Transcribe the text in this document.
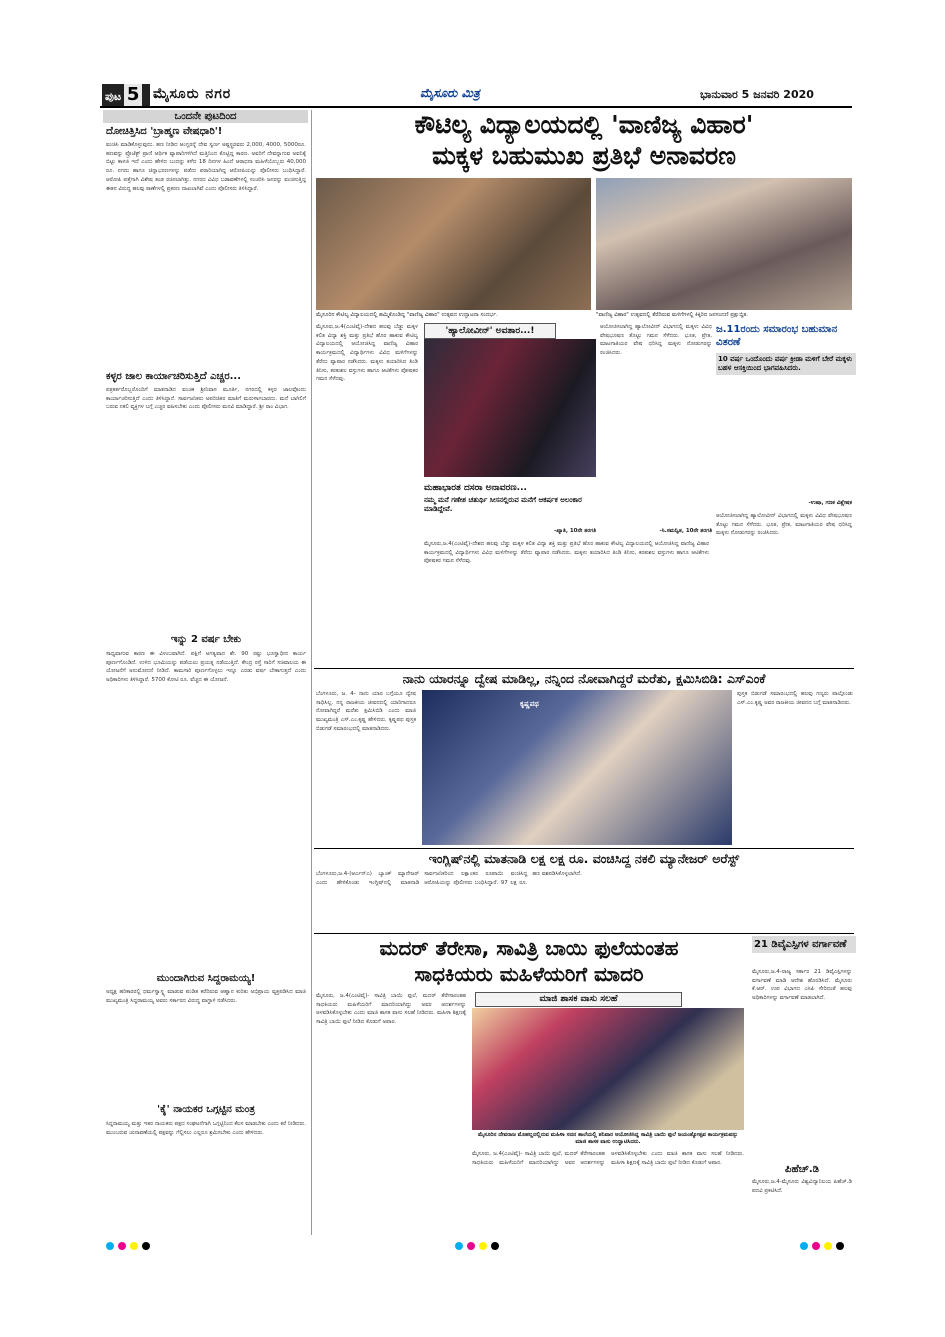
ಪುಟ 5 ಮೈಸೂರು ನಗರ	ಮೈಸೂರು ಮಿತ್ರ	ಭಾನುವಾರ 5 ಜನವರಿ 2020
ಒಂದನೇ ಪುಟದಿಂದ
ದೋಚಿತ್ತಿಸಿದ 'ಬ್ರಾಹ್ಮಣ ವೇಷಧಾರಿ'!
ವಂಚಿಸಿ ಮಾಡಿಕೊಳ್ಳುವುದು. ಹಣ ನೀಡಿದ ಆಂಗ್ಲರನ್ನೆ ದೇವ ಸ್ವರ್ಣ ಅಷ್ಟಸ್ಟ್ರರವರು 2,000, 4000, 5000ರೂ. ಹಣವನ್ನು ಪ್ರೊಜೆಕ್ಟ್ ಪ್ರಾಣಿ ಆರ್ಥಿಕ ವ್ಯಾಪಾರಿಗಳಿಗಿದೆ ಮತ್ತಿನಿಂದ ಕೊಟ್ಟಿದ್ದ ಕಾರಣ. ಅವರಿಗೆ ದೇವನ್ನಾಗುವ ಅವನಿಕ್ಕೆ ಬಿಟ್ಟು ಕಾಳಜಿ ಇದೆ ಎಂದು ಹೇಳಿದ ಬಂದನ್ನು ಕಳೆದ 18 ದಿನಗಳ ಹಿಂದೆ ಆರಾಧನಾ ಮಹಿಳೆಯೊಬ್ಬರು 40,000 ರೂ. ನಗದು ಹಾಗೂ ಚಿನ್ನಾಭರಣಗಳನ್ನು ಪಡೆದು ಪರಾರಿಯಾಗಿದ್ದ ಆರೋಪಿಯನ್ನು ಪೊಲೀಸರು ಬಂಧಿಸಿದ್ದಾರೆ. ಆರೋಪಿ ಪತ್ತೆಗಾಗಿ ವಿಶೇಷ ತಂಡ ರಚಿಸಲಾಗಿತ್ತು. ನಗರದ ವಿವಿಧ ಬಡಾವಣೆಗಳಲ್ಲಿ ಸಂಚರಿಸಿ ಜನರನ್ನು ವಂಚಿಸುತ್ತಿದ್ದ ಈತನ ವಿರುದ್ಧ ಹಲವು ಠಾಣೆಗಳಲ್ಲಿ ಪ್ರಕರಣ ದಾಖಲಾಗಿವೆ ಎಂದು ಪೊಲೀಸರು ತಿಳಿಸಿದ್ದಾರೆ.
ಕಳ್ಳರ ಜಾಲ ಕಾರ್ಯಾಚರಿಸುತ್ತಿದೆ ಎಚ್ಚರ...
ಪತ್ರಕರ್ತರೊಬ್ಬರೊಂದಿಗೆ ಮಾತನಾಡಿದ ವಂಚಕ ಶ್ರೀನಿವಾಸ ಮೂರ್ತಿ, ನಗರದಲ್ಲಿ ಕಳ್ಳರ ಜಾಲವೊಂದು ಕಾರ್ಯಾಚರಿಸುತ್ತಿದೆ ಎಂದು ತಿಳಿಸಿದ್ದಾನೆ. ಸಾರ್ವಜನಿಕರು ಅಪರಿಚಿತರ ಮಾತಿಗೆ ಮರುಳಾಗಬಾರದು. ಮನೆ ಬಾಗಿಲಿಗೆ ಬರುವ ನಕಲಿ ವ್ಯಕ್ತಿಗಳ ಬಗ್ಗೆ ಎಚ್ಚರ ವಹಿಸಬೇಕು ಎಂದು ಪೊಲೀಸರು ಮನವಿ ಮಾಡಿದ್ದಾರೆ. ಶ್ರೀ ರಾಂ ವಿಭಾಗ.
ಇನ್ನು 2 ವರ್ಷ ಬೇಕು
ಸಾಧ್ಯವಾಗುವ ಕಾರಣ ಈ ವಿಳಂಬವಾಗಿದೆ. ಪಕ್ಷಿಗೆ ಅಗತ್ಯವಾದ ಶೇ. 90 ರಷ್ಟು ಭೂಸ್ವಾಧೀನ ಕಾರ್ಯ ಪೂರ್ಣಗೊಂಡಿದೆ. ಉಳಿದ ಭೂಮಿಯನ್ನು ಪಡೆಯಲು ಪ್ರಯತ್ನ ನಡೆಯುತ್ತಿದೆ. ಕೇಂದ್ರ ರಸ್ತೆ ಸಾರಿಗೆ ಸಚಿವಾಲಯ ಈ ಯೋಜನೆಗೆ ಅನುಮೋದನೆ ನೀಡಿದೆ. ಕಾಮಗಾರಿ ಪೂರ್ಣಗೊಳ್ಳಲು ಇನ್ನೂ ಎರಡು ವರ್ಷ ಬೇಕಾಗುತ್ತದೆ ಎಂದು ಅಧಿಕಾರಿಗಳು ತಿಳಿಸಿದ್ದಾರೆ. 5700 ಕೋಟಿ ರೂ. ವೆಚ್ಚದ ಈ ಯೋಜನೆ.
ಮುಂದಾಗಿರುವ ಸಿದ್ದರಾಮಯ್ಯ!
ಅಧ್ಯಕ್ಷ ಹರಿಕಾರರಲ್ಲಿ ಧರ್ಮಸ್ವಾಸ್ಥ್ಯ ಮಾಡುವ ಪಂಡಿತ ಕರೆದಿರುವ ಆಹ್ವಾನ ಕುರಿತು ಅಭಿಪ್ರಾಯ ವ್ಯಕ್ತಪಡಿಸಿದ ಮಾಜಿ ಮುಖ್ಯಮಂತ್ರಿ ಸಿದ್ದರಾಮಯ್ಯ ಅವರು ಸರ್ಕಾರದ ವಿರುದ್ಧ ವಾಗ್ದಾಳಿ ನಡೆಸಿದರು.
'ಕೈ' ನಾಯಕರ ಒಗ್ಗಟ್ಟಿನ ಮಂತ್ರ
ಸಿದ್ದರಾಮಯ್ಯ ಮತ್ತು ಇತರ ನಾಯಕರು ಪಕ್ಷದ ಸಂಘಟನೆಗಾಗಿ ಒಗ್ಗಟ್ಟಿನಿಂದ ಕೆಲಸ ಮಾಡಬೇಕು ಎಂದು ಕರೆ ನೀಡಿದರು. ಮುಂಬರುವ ಚುನಾವಣೆಯಲ್ಲಿ ಪಕ್ಷವನ್ನು ಗೆಲ್ಲಿಸಲು ಎಲ್ಲರೂ ಶ್ರಮಿಸಬೇಕು ಎಂದು ಹೇಳಿದರು.
ಕೌಟಿಲ್ಯ ವಿದ್ಯಾಲಯದಲ್ಲಿ 'ವಾಣಿಜ್ಯ ವಿಹಾರ'
ಮಕ್ಕಳ ಬಹುಮುಖ ಪ್ರತಿಭೆ ಅನಾವರಣ
ಮೈಸೂರಿನ ಕೌಟಿಲ್ಯ ವಿದ್ಯಾಲಯದಲ್ಲಿ ಹಮ್ಮಿಕೊಂಡಿದ್ದ "ವಾಣಿಜ್ಯ ವಿಹಾರ" ಉತ್ಸವದ ಉದ್ಘಾಟನಾ ಸಂದರ್ಭ.	"ವಾಣಿಜ್ಯ ವಿಹಾರ" ಉತ್ಸವದಲ್ಲಿ ತೆರೆದಿರುವ ಮಳಿಗೆಗಳಲ್ಲಿ ಕಿಕ್ಕಿರಿದ ಜನಸಂದಣಿ ಪ್ರಕ್ಷುಬ್ದಿತ.
ಮೈಸೂರು,ಜ.4(ಎಂಟಿವೈ)-ದೇಶದ ಹಲವು ಬೆಡ್ಡು ಮಕ್ಕಳ ಕಲಿತ ವಿದ್ಯಾ ಶಕ್ತಿ ಮತ್ತು ಪ್ರತಿಭೆ ಹೊರ ಹಾಕುವ ಕೌಟಿಲ್ಯ ವಿದ್ಯಾಲಯದಲ್ಲಿ ಆಯೋಜಿಸಿದ್ದ ವಾಣಿಜ್ಯ ವಿಹಾರ ಕಾರ್ಯಕ್ರಮದಲ್ಲಿ ವಿದ್ಯಾರ್ಥಿಗಳು ವಿವಿಧ ಮಳಿಗೆಗಳನ್ನು ತೆರೆದು ವ್ಯಾಪಾರ ನಡೆಸಿದರು. ಮಕ್ಕಳು ತಯಾರಿಸಿದ ತಿಂಡಿ ತಿನಿಸು, ಕರಕುಶಲ ವಸ್ತುಗಳು ಹಾಗೂ ಆಟಿಕೆಗಳು ಪೋಷಕರ ಗಮನ ಸೆಳೆದವು.
'ಹ್ಯಾಲೋವೀನ್' ಅವತಾರ...!	ಆಯೋಜಿಸಲಾಗಿದ್ದ ಹ್ಯಾಲೋವೀನ್ ವಿಭಾಗದಲ್ಲಿ ಮಕ್ಕಳು ವಿವಿಧ ವೇಷಭೂಷಣ ತೊಟ್ಟು ಗಮನ ಸೆಳೆದರು. ಭೂತ, ಪ್ರೇತ, ಮಾಟಗಾತಿಯರ ವೇಷ ಧರಿಸಿದ್ದ ಮಕ್ಕಳು ನೋಡುಗರನ್ನು ರಂಜಿಸಿದರು.
ಮಹಾಭಾರತ ದಸರಾ ಅನಾವರಣ...
ನಮ್ಮ ಮನೆ ಗಣೇಶ ಚತುರ್ಥಿ ಸೀಸನಲ್ಲಿರುವ ಮನೆಗೆ ಆಕರ್ಷಕ ಅಲಂಕಾರ ಮಾಡಿದ್ದೇವೆ.
-ಖ್ಯಾತಿ, 10ನೇ ತರಗತಿ	-ಸಿ.ಸಮನ್ವಿತ, 10ನೇ ತರಗತಿ
ಮೈಸೂರು,ಜ.4(ಎಂಟಿವೈ)-ದೇಶದ ಹಲವು ಬೆಡ್ಡು ಮಕ್ಕಳ ಕಲಿತ ವಿದ್ಯಾ ಶಕ್ತಿ ಮತ್ತು ಪ್ರತಿಭೆ ಹೊರ ಹಾಕುವ ಕೌಟಿಲ್ಯ ವಿದ್ಯಾಲಯದಲ್ಲಿ ಆಯೋಜಿಸಿದ್ದ ವಾಣಿಜ್ಯ ವಿಹಾರ ಕಾರ್ಯಕ್ರಮದಲ್ಲಿ ವಿದ್ಯಾರ್ಥಿಗಳು ವಿವಿಧ ಮಳಿಗೆಗಳನ್ನು ತೆರೆದು ವ್ಯಾಪಾರ ನಡೆಸಿದರು. ಮಕ್ಕಳು ತಯಾರಿಸಿದ ತಿಂಡಿ ತಿನಿಸು, ಕರಕುಶಲ ವಸ್ತುಗಳು ಹಾಗೂ ಆಟಿಕೆಗಳು ಪೋಷಕರ ಗಮನ ಸೆಳೆದವು.
ಜ.11ರಂದು ಸಮಾರಂಭ ಬಹುಮಾನ ವಿತರಣೆ
10 ವರ್ಷ ಒಂದೊಂದು ವರ್ಷ ಕ್ರೀಡಾ ಮಳಿಗೆ ಬೇರೆ ಮಕ್ಕಳು ಬಹಳ ಆಸಕ್ತಿಯಿಂದ ಭಾಗವಹಿಸಿದರು.
-ಉಷಾ, ಗಣಕ ವಿಶ್ಲೇಷಕ
ಆಯೋಜಿಸಲಾಗಿದ್ದ ಹ್ಯಾಲೋವೀನ್ ವಿಭಾಗದಲ್ಲಿ ಮಕ್ಕಳು ವಿವಿಧ ವೇಷಭೂಷಣ ತೊಟ್ಟು ಗಮನ ಸೆಳೆದರು. ಭೂತ, ಪ್ರೇತ, ಮಾಟಗಾತಿಯರ ವೇಷ ಧರಿಸಿದ್ದ ಮಕ್ಕಳು ನೋಡುಗರನ್ನು ರಂಜಿಸಿದರು.
ನಾನು ಯಾರನ್ನೂ ದ್ವೇಷ ಮಾಡಿಲ್ಲ, ನನ್ನಿಂದ ನೋವಾಗಿದ್ದರೆ ಮರೆತು, ಕ್ಷಮಿಸಿಬಿಡಿ: ಎಸ್‌ಎಂಕೆ
ಬೆಂಗಳೂರು, ಜ. 4- ನಾನು ಯಾರ ಬಗ್ಗೆಯೂ ದ್ವೇಷ ಸಾಧಿಸಿಲ್ಲ. ನನ್ನ ರಾಜಕೀಯ ಜೀವನದಲ್ಲಿ ಯಾರಿಗಾದರೂ ನೋವಾಗಿದ್ದರೆ ಮರೆತು ಕ್ಷಮಿಸಿಬಿಡಿ ಎಂದು ಮಾಜಿ ಮುಖ್ಯಮಂತ್ರಿ ಎಸ್.ಎಂ.ಕೃಷ್ಣ ಹೇಳಿದರು. ಕೃಷ್ಣಪಥ ಪುಸ್ತಕ ಬಿಡುಗಡೆ ಸಮಾರಂಭದಲ್ಲಿ ಮಾತನಾಡಿದರು.
ಕೃಷ್ಣಪಥ
ಪುಸ್ತಕ ಬಿಡುಗಡೆ ಸಮಾರಂಭದಲ್ಲಿ ಹಲವು ಗಣ್ಯರು ಪಾಲ್ಗೊಂಡು ಎಸ್.ಎಂ.ಕೃಷ್ಣ ಅವರ ರಾಜಕೀಯ ಜೀವನದ ಬಗ್ಗೆ ಮಾತನಾಡಿದರು.
ಇಂಗ್ಲಿಷ್‌ನಲ್ಲಿ ಮಾತನಾಡಿ ಲಕ್ಷ ಲಕ್ಷ ರೂ. ವಂಚಿಸಿದ್ದ ನಕಲಿ ಮ್ಯಾನೇಜರ್ ಅರೆಸ್ಟ್
ಬೆಂಗಳೂರು,ಜ.4-(ಆರ್ಎನ್ಎ) ಬ್ಯಾಂಕ್ ಮ್ಯಾನೇಜರ್ ಎಂದು ಹೇಳಿಕೊಂಡು ಇಂಗ್ಲಿಷ್‌ನಲ್ಲಿ ಮಾತನಾಡಿ ಸಾರ್ವಜನಿಕರಿಂದ ಲಕ್ಷಾಂತರ ರೂಪಾಯಿ ವಂಚಿಸಿದ್ದ ಆರೋಪಿಯನ್ನು ಪೊಲೀಸರು ಬಂಧಿಸಿದ್ದಾರೆ. 97 ಲಕ್ಷ ರೂ. ಹಣ ವಶಪಡಿಸಿಕೊಳ್ಳಲಾಗಿದೆ.
ಮದರ್ ತೆರೇಸಾ, ಸಾವಿತ್ರಿ ಬಾಯಿ ಫುಲೆಯಂತಹ
ಸಾಧಕಿಯರು ಮಹಿಳೆಯರಿಗೆ ಮಾದರಿ
ಮಾಜಿ ಶಾಸಕ ವಾಸು ಸಲಹೆ
ಮೈಸೂರು, ಜ.4(ಎಂಟಿವೈ)- ಸಾವಿತ್ರಿ ಬಾಯಿ ಫುಲೆ, ಮದರ್ ತೆರೇಸಾರಂತಹ ಸಾಧಕಿಯರು ಮಹಿಳೆಯರಿಗೆ ಮಾದರಿಯಾಗಿದ್ದು ಅವರ ಆದರ್ಶಗಳನ್ನು ಅಳವಡಿಸಿಕೊಳ್ಳಬೇಕು ಎಂದು ಮಾಜಿ ಶಾಸಕ ವಾಸು ಸಲಹೆ ನೀಡಿದರು. ಮಹಿಳಾ ಶಿಕ್ಷಣಕ್ಕೆ ಸಾವಿತ್ರಿ ಬಾಯಿ ಫುಲೆ ನೀಡಿದ ಕೊಡುಗೆ ಅಪಾರ.
ಮೈಸೂರಿನ ದೇವರಾಜ ಮೊಹಲ್ಲದಲ್ಲಿರುವ ಮಹಿಳಾ ಸದನ ಶಾಲೆಯಲ್ಲಿ ಶನಿವಾರ ಆಯೋಜಿಸಿದ್ದ ಸಾವಿತ್ರಿ ಬಾಯಿ ಫುಲೆ ಜಯಂತ್ಯೋತ್ಸವ ಕಾರ್ಯಕ್ರಮವನ್ನು ಮಾಜಿ ಶಾಸಕ ವಾಸು ಉದ್ಘಾಟಿಸಿದರು.
ಮೈಸೂರು, ಜ.4(ಎಂಟಿವೈ)- ಸಾವಿತ್ರಿ ಬಾಯಿ ಫುಲೆ, ಮದರ್ ತೆರೇಸಾರಂತಹ ಸಾಧಕಿಯರು ಮಹಿಳೆಯರಿಗೆ ಮಾದರಿಯಾಗಿದ್ದು ಅವರ ಆದರ್ಶಗಳನ್ನು ಅಳವಡಿಸಿಕೊಳ್ಳಬೇಕು ಎಂದು ಮಾಜಿ ಶಾಸಕ ವಾಸು ಸಲಹೆ ನೀಡಿದರು. ಮಹಿಳಾ ಶಿಕ್ಷಣಕ್ಕೆ ಸಾವಿತ್ರಿ ಬಾಯಿ ಫುಲೆ ನೀಡಿದ ಕೊಡುಗೆ ಅಪಾರ.
21 ಡಿವೈಎಸ್ಪಿಗಳ ವರ್ಗಾವಣೆ
ಮೈಸೂರು,ಜ.4-ರಾಜ್ಯ ಸರ್ಕಾರ 21 ಡಿವೈಎಸ್ಪಿಗಳನ್ನು ವರ್ಗಾವಣೆ ಮಾಡಿ ಆದೇಶ ಹೊರಡಿಸಿದೆ. ಮೈಸೂರು ಕೆ.ಆರ್. ಉಪ ವಿಭಾಗದ ಎಸಿಪಿ ಸೇರಿದಂತೆ ಹಲವು ಅಧಿಕಾರಿಗಳನ್ನು ವರ್ಗಾವಣೆ ಮಾಡಲಾಗಿದೆ.
ಪಿಹೆಚ್.ಡಿ
ಮೈಸೂರು,ಜ.4-ಮೈಸೂರು ವಿಶ್ವವಿದ್ಯಾನಿಲಯ ಪಿಹೆಚ್.ಡಿ ಪದವಿ ಪ್ರಕಟಿಸಿದೆ.
